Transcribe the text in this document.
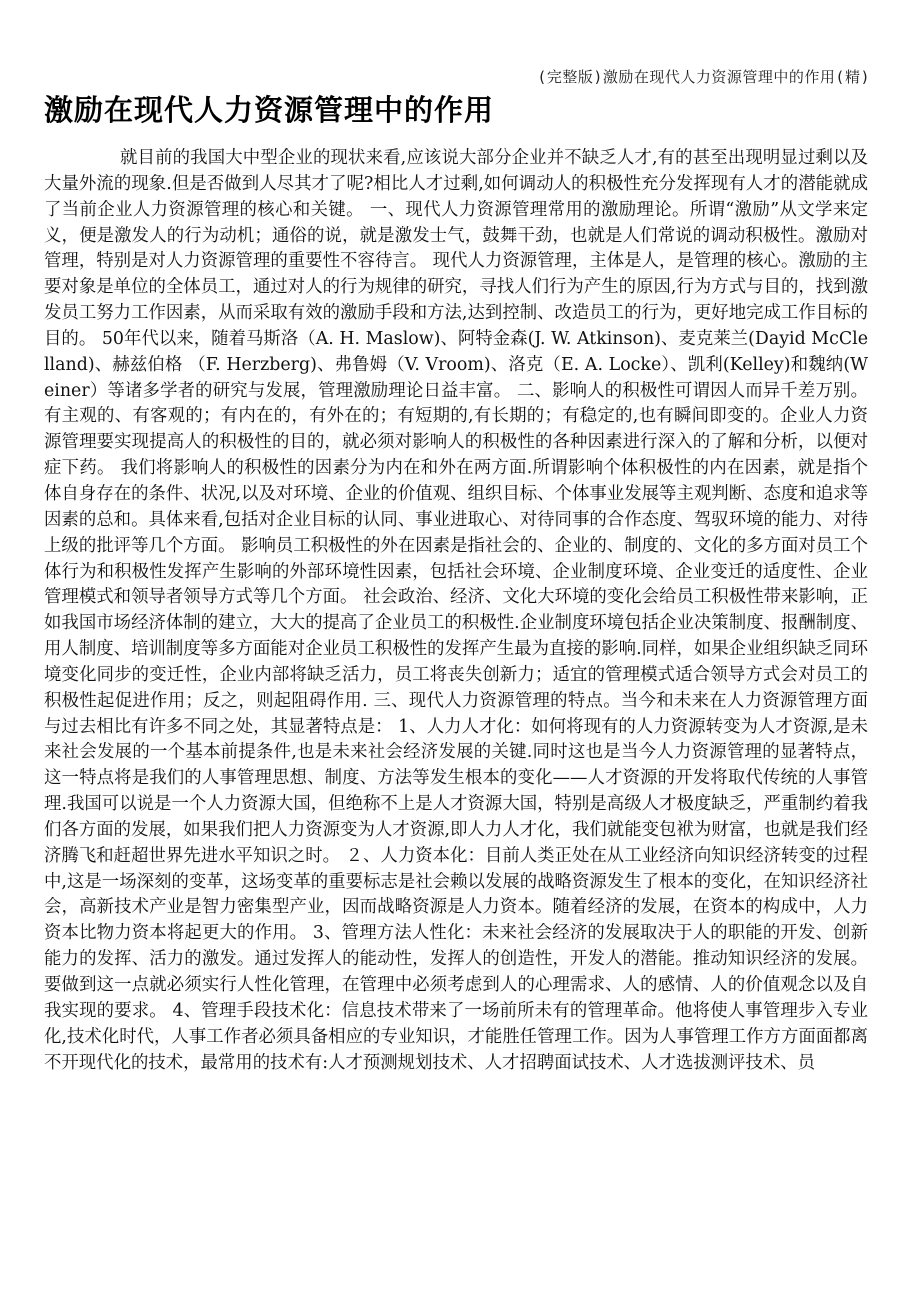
(完整版)激励在现代人力资源管理中的作用(精)
激励在现代人力资源管理中的作用

就目前的我国大中型企业的现状来看,应该说大部分企业并不缺乏人才,有的甚至出现明显过剩以及大量外流的现象.但是否做到人尽其才了呢?相比人才过剩,如何调动人的积极性充分发挥现有人才的潜能就成了当前企业人力资源管理的核心和关键。 一、现代人力资源管理常用的激励理论。所谓“激励”从文学来定义，便是激发人的行为动机；通俗的说，就是激发士气，鼓舞干劲，也就是人们常说的调动积极性。激励对管理，特别是对人力资源管理的重要性不容待言。 现代人力资源管理，主体是人，是管理的核心。激励的主要对象是单位的全体员工，通过对人的行为规律的研究，寻找人们行为产生的原因,行为方式与目的，找到激发员工努力工作因素，从而采取有效的激励手段和方法,达到控制、改造员工的行为，更好地完成工作目标的目的。 50年代以来，随着马斯洛（A. H. Maslow)、阿特金森(J. W. Atkinson)、麦克莱兰(Dayid McClelland)、赫兹伯格 （F. Herzberg)、弗鲁姆（V. Vroom)、洛克（E. A. Locke）、凯利(Kelley)和魏纳(Weiner）等诸多学者的研究与发展，管理激励理论日益丰富。 二、影响人的积极性可谓因人而异千差万别。有主观的、有客观的；有内在的，有外在的；有短期的,有长期的；有稳定的,也有瞬间即变的。企业人力资源管理要实现提高人的积极性的目的，就必须对影响人的积极性的各种因素进行深入的了解和分析，以便对症下药。 我们将影响人的积极性的因素分为内在和外在两方面.所谓影响个体积极性的内在因素，就是指个体自身存在的条件、状况,以及对环境、企业的价值观、组织目标、个体事业发展等主观判断、态度和追求等因素的总和。具体来看,包括对企业目标的认同、事业进取心、对待同事的合作态度、驾驭环境的能力、对待上级的批评等几个方面。 影响员工积极性的外在因素是指社会的、企业的、制度的、文化的多方面对员工个体行为和积极性发挥产生影响的外部环境性因素，包括社会环境、企业制度环境、企业变迁的适度性、企业管理模式和领导者领导方式等几个方面。 社会政治、经济、文化大环境的变化会给员工积极性带来影响，正如我国市场经济体制的建立，大大的提高了企业员工的积极性.企业制度环境包括企业决策制度、报酬制度、用人制度、培训制度等多方面能对企业员工积极性的发挥产生最为直接的影响.同样，如果企业组织缺乏同环境变化同步的变迁性，企业内部将缺乏活力，员工将丧失创新力；适宜的管理模式适合领导方式会对员工的积极性起促进作用；反之，则起阻碍作用. 三、现代人力资源管理的特点。当今和未来在人力资源管理方面与过去相比有许多不同之处，其显著特点是： 1、人力人才化：如何将现有的人力资源转变为人才资源,是未来社会发展的一个基本前提条件,也是未来社会经济发展的关键.同时这也是当今人力资源管理的显著特点，这一特点将是我们的人事管理思想、制度、方法等发生根本的变化——人才资源的开发将取代传统的人事管理.我国可以说是一个人力资源大国，但绝称不上是人才资源大国，特别是高级人才极度缺乏，严重制约着我们各方面的发展，如果我们把人力资源变为人才资源,即人力人才化，我们就能变包袱为财富，也就是我们经济腾飞和赶超世界先进水平知识之时。 ２、人力资本化：目前人类正处在从工业经济向知识经济转变的过程中,这是一场深刻的变革，这场变革的重要标志是社会赖以发展的战略资源发生了根本的变化，在知识经济社会，高新技术产业是智力密集型产业，因而战略资源是人力资本。随着经济的发展，在资本的构成中，人力资本比物力资本将起更大的作用。 3、管理方法人性化：未来社会经济的发展取决于人的职能的开发、创新能力的发挥、活力的激发。通过发挥人的能动性，发挥人的创造性，开发人的潜能。推动知识经济的发展。要做到这一点就必须实行人性化管理，在管理中必须考虑到人的心理需求、人的感情、人的价值观念以及自我实现的要求。 4、管理手段技术化：信息技术带来了一场前所未有的管理革命。他将使人事管理步入专业化,技术化时代，人事工作者必须具备相应的专业知识，才能胜任管理工作。因为人事管理工作方方面面都离不开现代化的技术，最常用的技术有:人才预测规划技术、人才招聘面试技术、人才选拔测评技术、员
